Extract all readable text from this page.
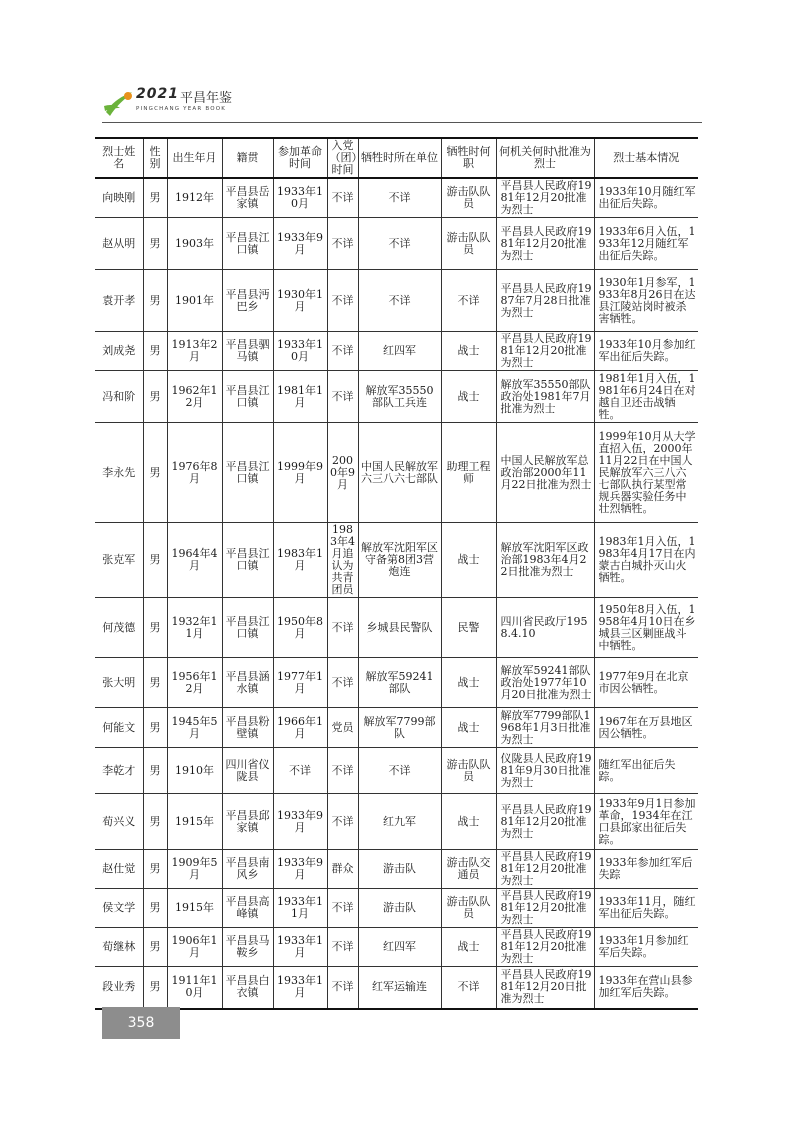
2021 平昌年鉴
PINGCHANG YEAR BOOK
烈士姓名	性别	出生年月	籍贯	参加革命时间	入党（团）时间	牺牲时所在单位	牺牲时何职	何机关何时\批准为烈士	烈士基本情况
向映刚	男	1912年	平昌县岳家镇	1933年10月	不详	不详	游击队队员	平昌县人民政府1981年12月20批准为烈士	1933年10月随红军出征后失踪。
赵从明	男	1903年	平昌县江口镇	1933年9月	不详	不详	游击队队员	平昌县人民政府1981年12月20批准为烈士	1933年6月入伍，1933年12月随红军出征后失踪。
袁开孝	男	1901年	平昌县沔巴乡	1930年1月	不详	不详	不详	平昌县人民政府1987年7月28日批准为烈士	1930年1月参军，1933年8月26日在达县江陵站岗时被杀害牺牲。
刘成尧	男	1913年2月	平昌县驷马镇	1933年10月	不详	红四军	战士	平昌县人民政府1981年12月20批准为烈士	1933年10月参加红军出征后失踪。
冯和阶	男	1962年12月	平昌县江口镇	1981年1月	不详	解放军35550部队工兵连	战士	解放军35550部队政治处1981年7月批准为烈士	1981年1月入伍，1981年6月24日在对越自卫还击战牺牲。
李永先	男	1976年8月	平昌县江口镇	1999年9月	2000年9月	中国人民解放军六三八六七部队	助理工程师	中国人民解放军总政治部2000年11月22日批准为烈士	1999年10月从大学直招入伍，2000年11月22日在中国人民解放军六三八六七部队执行某型常规兵器实验任务中壮烈牺牲。
张克军	男	1964年4月	平昌县江口镇	1983年1月	1983年4月追认为共青团员	解放军沈阳军区守备第8团3营炮连	战士	解放军沈阳军区政治部1983年4月22日批准为烈士	1983年1月入伍，1983年4月17日在内蒙古白城扑灭山火牺牲。
何茂德	男	1932年11月	平昌县江口镇	1950年8月	不详	乡城县民警队	民警	四川省民政厅1958.4.10	1950年8月入伍，1958年4月10日在乡城县三区剿匪战斗中牺牲。
张大明	男	1956年12月	平昌县涵水镇	1977年1月	不详	解放军59241部队	战士	解放军59241部队政治处1977年10月20日批准为烈士	1977年9月在北京市因公牺牲。
何能文	男	1945年5月	平昌县粉壁镇	1966年1月	党员	解放军7799部队	战士	解放军7799部队1968年1月3日批准为烈士	1967年在万县地区因公牺牲。
李乾才	男	1910年	四川省仪陇县	不详	不详	不详	游击队队员	仪陇县人民政府1981年9月30日批准为烈士	随红军出征后失踪。
荀兴义	男	1915年	平昌县邱家镇	1933年9月	不详	红九军	战士	平昌县人民政府1981年12月20批准为烈士	1933年9月1日参加革命，1934年在江口县邱家出征后失踪。
赵仕觉	男	1909年5月	平昌县南风乡	1933年9月	群众	游击队	游击队交通员	平昌县人民政府1981年12月20批准为烈士	1933年参加红军后失踪
侯文学	男	1915年	平昌县高峰镇	1933年11月	不详	游击队	游击队队员	平昌县人民政府1981年12月20批准为烈士	1933年11月，随红军出征后失踪。
荀继林	男	1906年1月	平昌县马鞍乡	1933年1月	不详	红四军	战士	平昌县人民政府1981年12月20批准为烈士	1933年1月参加红军后失踪。
段业秀	男	1911年10月	平昌县白衣镇	1933年1月	不详	红军运输连	不详	平昌县人民政府1981年12月20日批准为烈士	1933年在营山县参加红军后失踪。
358
